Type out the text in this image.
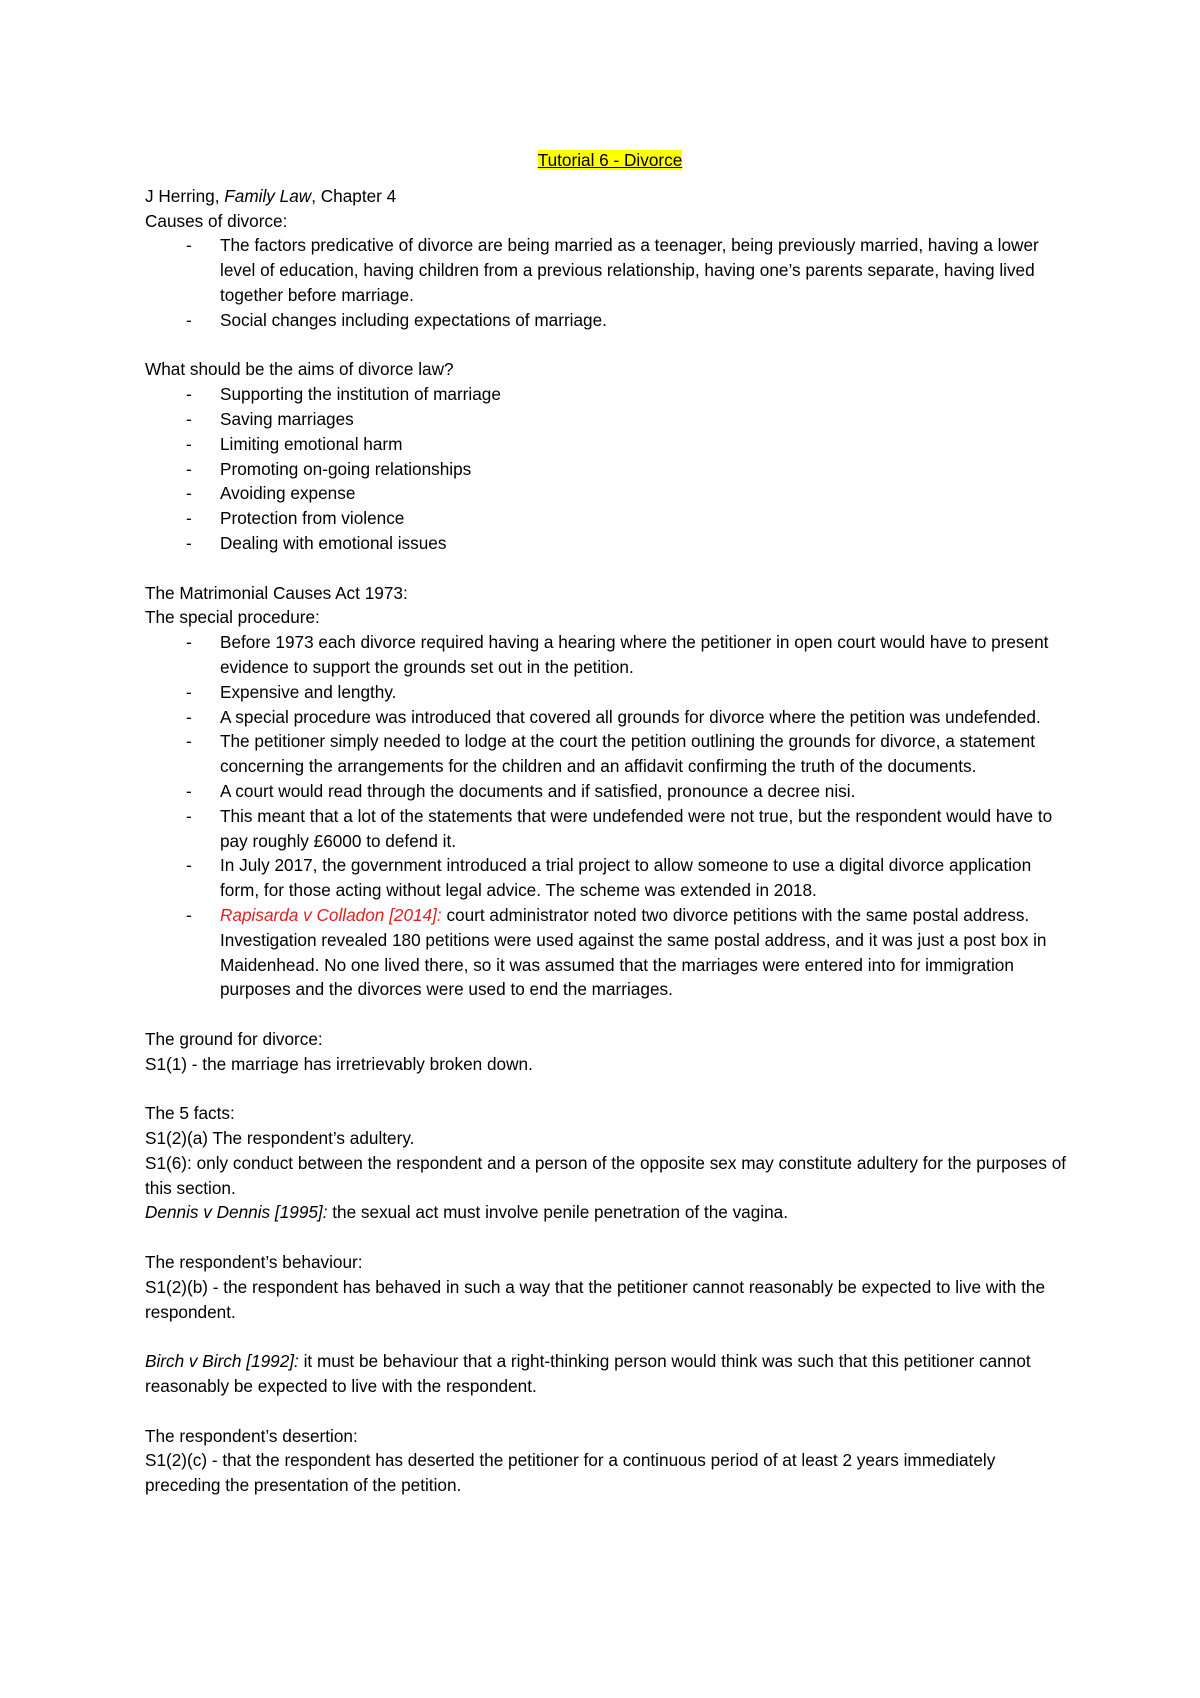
Tutorial 6 - Divorce

J Herring, Family Law, Chapter 4

Causes of divorce:

- The factors predicative of divorce are being married as a teenager, being previously married, having a lower level of education, having children from a previous relationship, having one’s parents separate, having lived together before marriage.
- Social changes including expectations of marriage.

What should be the aims of divorce law?

- Supporting the institution of marriage
- Saving marriages
- Limiting emotional harm
- Promoting on-going relationships
- Avoiding expense
- Protection from violence
- Dealing with emotional issues

The Matrimonial Causes Act 1973:

The special procedure:

- Before 1973 each divorce required having a hearing where the petitioner in open court would have to present evidence to support the grounds set out in the petition.
- Expensive and lengthy.
- A special procedure was introduced that covered all grounds for divorce where the petition was undefended.
- The petitioner simply needed to lodge at the court the petition outlining the grounds for divorce, a statement concerning the arrangements for the children and an affidavit confirming the truth of the documents.
- A court would read through the documents and if satisfied, pronounce a decree nisi.
- This meant that a lot of the statements that were undefended were not true, but the respondent would have to pay roughly £6000 to defend it.
- In July 2017, the government introduced a trial project to allow someone to use a digital divorce application form, for those acting without legal advice. The scheme was extended in 2018.
- Rapisarda v Colladon [2014]: court administrator noted two divorce petitions with the same postal address. Investigation revealed 180 petitions were used against the same postal address, and it was just a post box in Maidenhead. No one lived there, so it was assumed that the marriages were entered into for immigration purposes and the divorces were used to end the marriages.

The ground for divorce:

S1(1) - the marriage has irretrievably broken down.

The 5 facts:

S1(2)(a) The respondent’s adultery.

S1(6): only conduct between the respondent and a person of the opposite sex may constitute adultery for the purposes of this section.

Dennis v Dennis [1995]: the sexual act must involve penile penetration of the vagina.

The respondent’s behaviour:

S1(2)(b) - the respondent has behaved in such a way that the petitioner cannot reasonably be expected to live with the respondent.

Birch v Birch [1992]: it must be behaviour that a right-thinking person would think was such that this petitioner cannot reasonably be expected to live with the respondent.

The respondent’s desertion:

S1(2)(c) - that the respondent has deserted the petitioner for a continuous period of at least 2 years immediately preceding the presentation of the petition.
